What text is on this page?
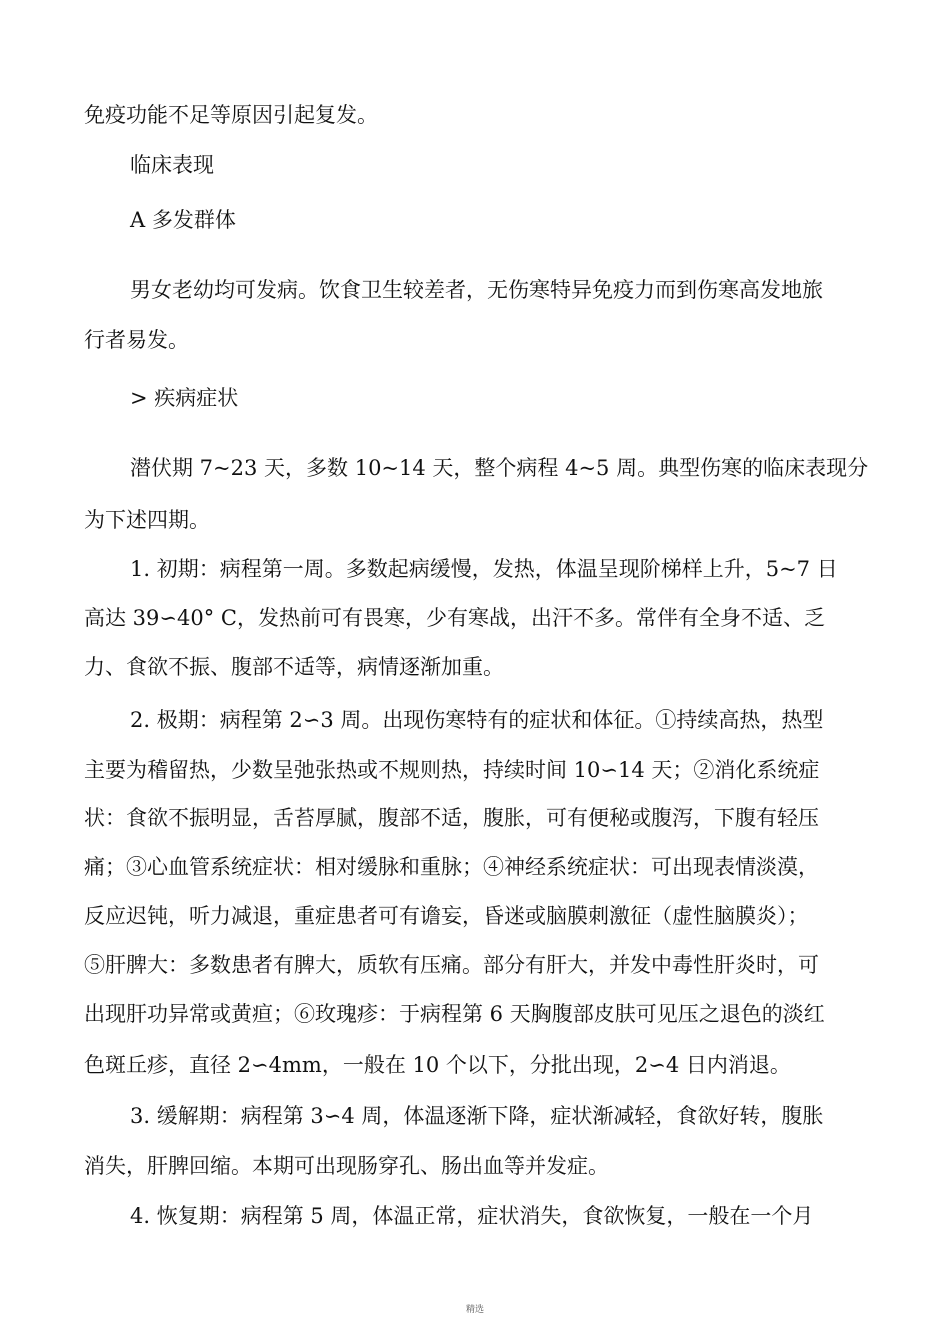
免疫功能不足等原因引起复发。
临床表现
A 多发群体
男女老幼均可发病。饮食卫生较差者，无伤寒特异免疫力而到伤寒高发地旅
行者易发。
> 疾病症状
潜伏期 7~23 天，多数 10~14 天，整个病程 4~5 周。典型伤寒的临床表现分
为下述四期。
1. 初期：病程第一周。多数起病缓慢，发热，体温呈现阶梯样上升，5~7 日
高达 39∽40° C，发热前可有畏寒，少有寒战，出汗不多。常伴有全身不适、乏
力、食欲不振、腹部不适等，病情逐渐加重。
2. 极期：病程第 2∽3 周。出现伤寒特有的症状和体征。①持续高热，热型
主要为稽留热，少数呈弛张热或不规则热，持续时间 10∽14 天；②消化系统症
状：食欲不振明显，舌苔厚腻，腹部不适，腹胀，可有便秘或腹泻，下腹有轻压
痛；③心血管系统症状：相对缓脉和重脉；④神经系统症状：可出现表情淡漠，
反应迟钝，听力减退，重症患者可有谵妄，昏迷或脑膜刺激征（虚性脑膜炎）；
⑤肝脾大：多数患者有脾大，质软有压痛。部分有肝大，并发中毒性肝炎时，可
出现肝功异常或黄疸；⑥玫瑰疹：于病程第 6 天胸腹部皮肤可见压之退色的淡红
色斑丘疹，直径 2∽4mm，一般在 10 个以下，分批出现，2∽4 日内消退。
3. 缓解期：病程第 3∽4 周，体温逐渐下降，症状渐减轻，食欲好转，腹胀
消失，肝脾回缩。本期可出现肠穿孔、肠出血等并发症。
4. 恢复期：病程第 5 周，体温正常，症状消失，食欲恢复，一般在一个月
精选
